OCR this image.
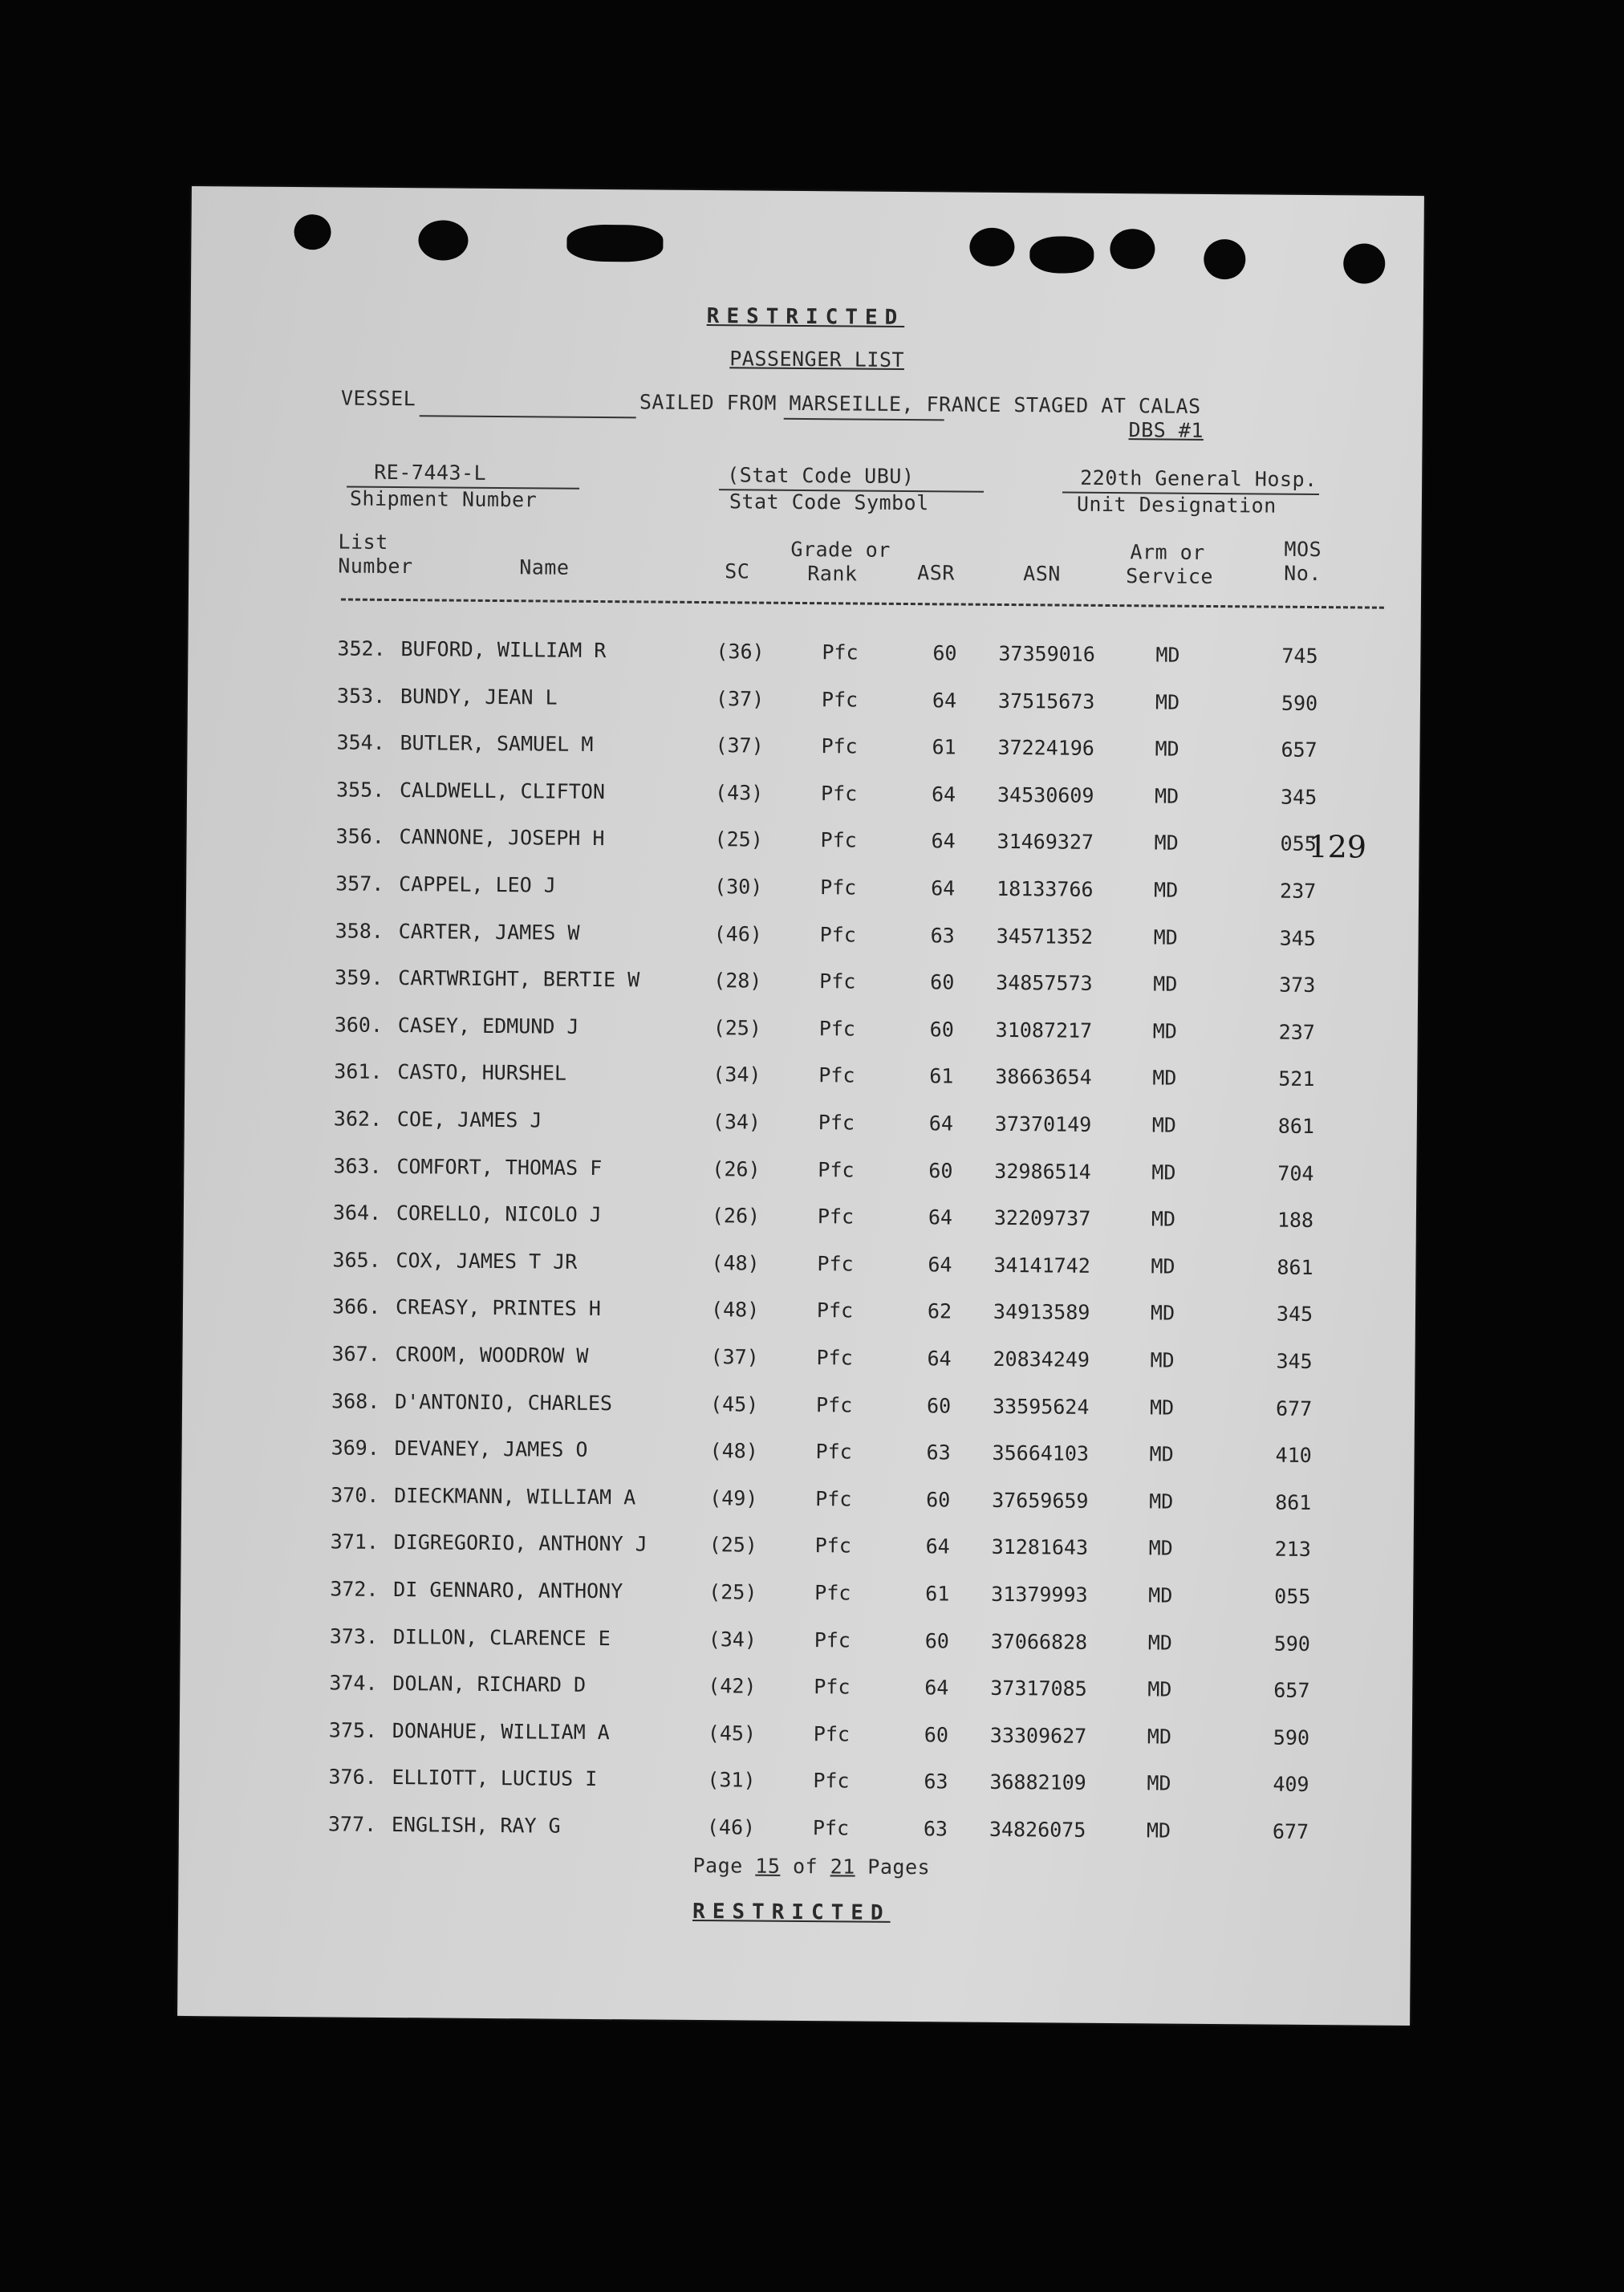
RESTRICTED
PASSENGER LIST
VESSEL	SAILED FROM MARSEILLE, FRANCE STAGED AT CALAS
DBS #1
RE-7443-L
Shipment Number
(Stat Code UBU)
Stat Code Symbol
220th General Hosp.
Unit Designation
List
Number	Name	SC
Grade or
Rank	ASR	ASN
Arm or
Service
MOS
No.
352. BUFORD, WILLIAM R	(36)	Pfc	60 37359016	MD	745
353. BUNDY, JEAN L	(37)	Pfc	64 37515673	MD	590
354. BUTLER, SAMUEL M	(37)	Pfc	61 37224196	MD	657
355. CALDWELL, CLIFTON	(43)	Pfc	64 34530609	MD	345
356. CANNONE, JOSEPH H	(25)	Pfc	64 31469327	MD	055
357. CAPPEL, LEO J	(30)	Pfc	64 18133766	MD	237
358. CARTER, JAMES W	(46)	Pfc	63 34571352	MD	345
359. CARTWRIGHT, BERTIE W	(28)	Pfc	60 34857573	MD	373
360. CASEY, EDMUND J	(25)	Pfc	60 31087217	MD	237
361. CASTO, HURSHEL	(34)	Pfc	61 38663654	MD	521
362. COE, JAMES J	(34)	Pfc	64 37370149	MD	861
363. COMFORT, THOMAS F	(26)	Pfc	60 32986514	MD	704
364. CORELLO, NICOLO J	(26)	Pfc	64 32209737	MD	188
365. COX, JAMES T JR	(48)	Pfc	64 34141742	MD	861
366. CREASY, PRINTES H	(48)	Pfc	62 34913589	MD	345
367. CROOM, WOODROW W	(37)	Pfc	64 20834249	MD	345
368. D'ANTONIO, CHARLES	(45)	Pfc	60 33595624	MD	677
369. DEVANEY, JAMES O	(48)	Pfc	63 35664103	MD	410
370. DIECKMANN, WILLIAM A	(49)	Pfc	60 37659659	MD	861
371. DIGREGORIO, ANTHONY J	(25)	Pfc	64 31281643	MD	213
372. DI GENNARO, ANTHONY	(25)	Pfc	61 31379993	MD	055
373. DILLON, CLARENCE E	(34)	Pfc	60 37066828	MD	590
374. DOLAN, RICHARD D	(42)	Pfc	64 37317085	MD	657
375. DONAHUE, WILLIAM A	(45)	Pfc	60 33309627	MD	590
376. ELLIOTT, LUCIUS I	(31)	Pfc	63 36882109	MD	409
377. ENGLISH, RAY G	(46)	Pfc	63 34826075	MD	677
129
Page 15 of 21 Pages
RESTRICTED
